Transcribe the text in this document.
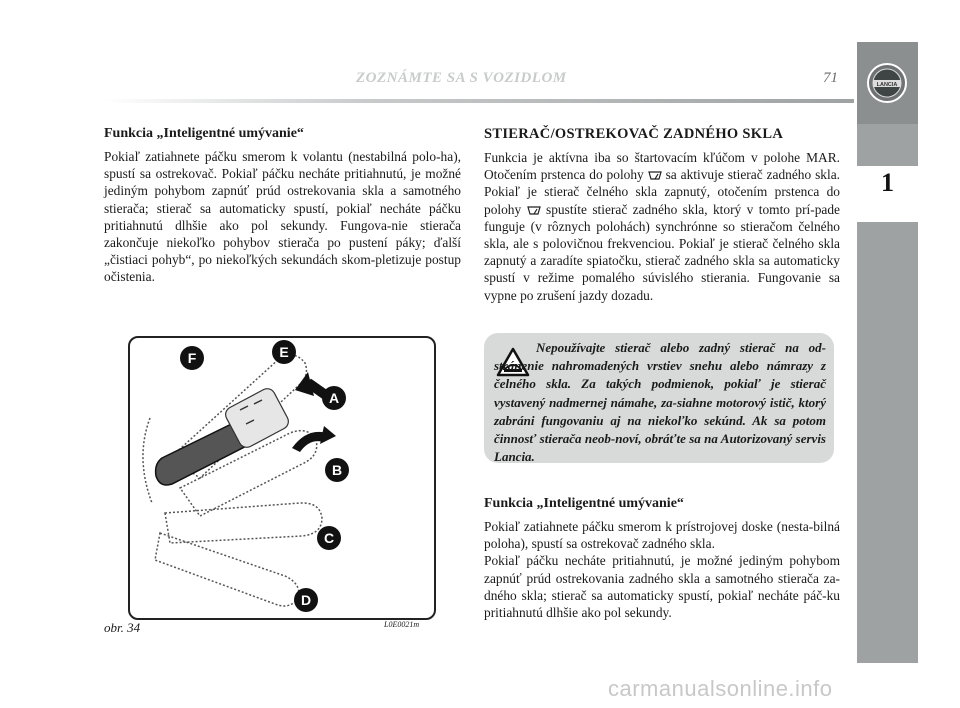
LANCIA
1
ZOZNÁMTE SA S VOZIDLOM	71
Funkcia „Inteligentné umývanie“

Pokiaľ zatiahnete páčku smerom k volantu (nestabilná polo-ha), spustí sa ostrekovač. Pokiaľ páčku necháte pritiahnutú, je možné jediným pohybom zapnúť prúd ostrekovania skla a samotného stierača; stierač sa automaticky spustí, pokiaľ necháte páčku pritiahnutú dlhšie ako pol sekundy. Fungova-nie stierača zakončuje niekoľko pohybov stierača po pustení páky; ďalší „čistiaci pohyb“, po niekoľkých sekundách skom-pletizuje postup očistenia.

F	E
A
B
C
D
obr. 34	L0E0021m
STIERAČ/OSTREKOVAČ ZADNÉHO SKLA

Funkcia je aktívna iba so štartovacím kľúčom v polohe MAR. Otočením prstenca do polohy  sa aktivuje stierač zadného skla. Pokiaľ je stierač čelného skla zapnutý, otočením prstenca do polohy  spustíte stierač zadného skla, ktorý v tomto prí-pade funguje (v rôznych polohách) synchrónne so stieračom čelného skla, ale s polovičnou frekvenciou. Pokiaľ je stierač čelného skla zapnutý a zaradíte spiatočku, stierač zadného skla sa automaticky spustí v režime pomalého súvislého stierania. Fungovanie sa vypne po zrušení jazdy dozadu.

Nepoužívajte stierač alebo zadný stierač na od-stránenie nahromadených vrstiev snehu alebo námrazy z čelného skla. Za takých podmienok, pokiaľ je stierač vystavený nadmernej námahe, za-siahne motorový istič, ktorý zabráni fungovaniu aj na niekoľko sekúnd. Ak sa potom činnosť stierača neob-noví, obráťte sa na Autorizovaný servis Lancia.

Funkcia „Inteligentné umývanie“

Pokiaľ zatiahnete páčku smerom k prístrojovej doske (nesta-bilná poloha), spustí sa ostrekovač zadného skla.

Pokiaľ páčku necháte pritiahnutú, je možné jediným pohybom zapnúť prúd ostrekovania zadného skla a samotného stierača za-dného skla; stierač sa automaticky spustí, pokiaľ necháte páč-ku pritiahnutú dlhšie ako pol sekundy.

carmanualsonline.info
